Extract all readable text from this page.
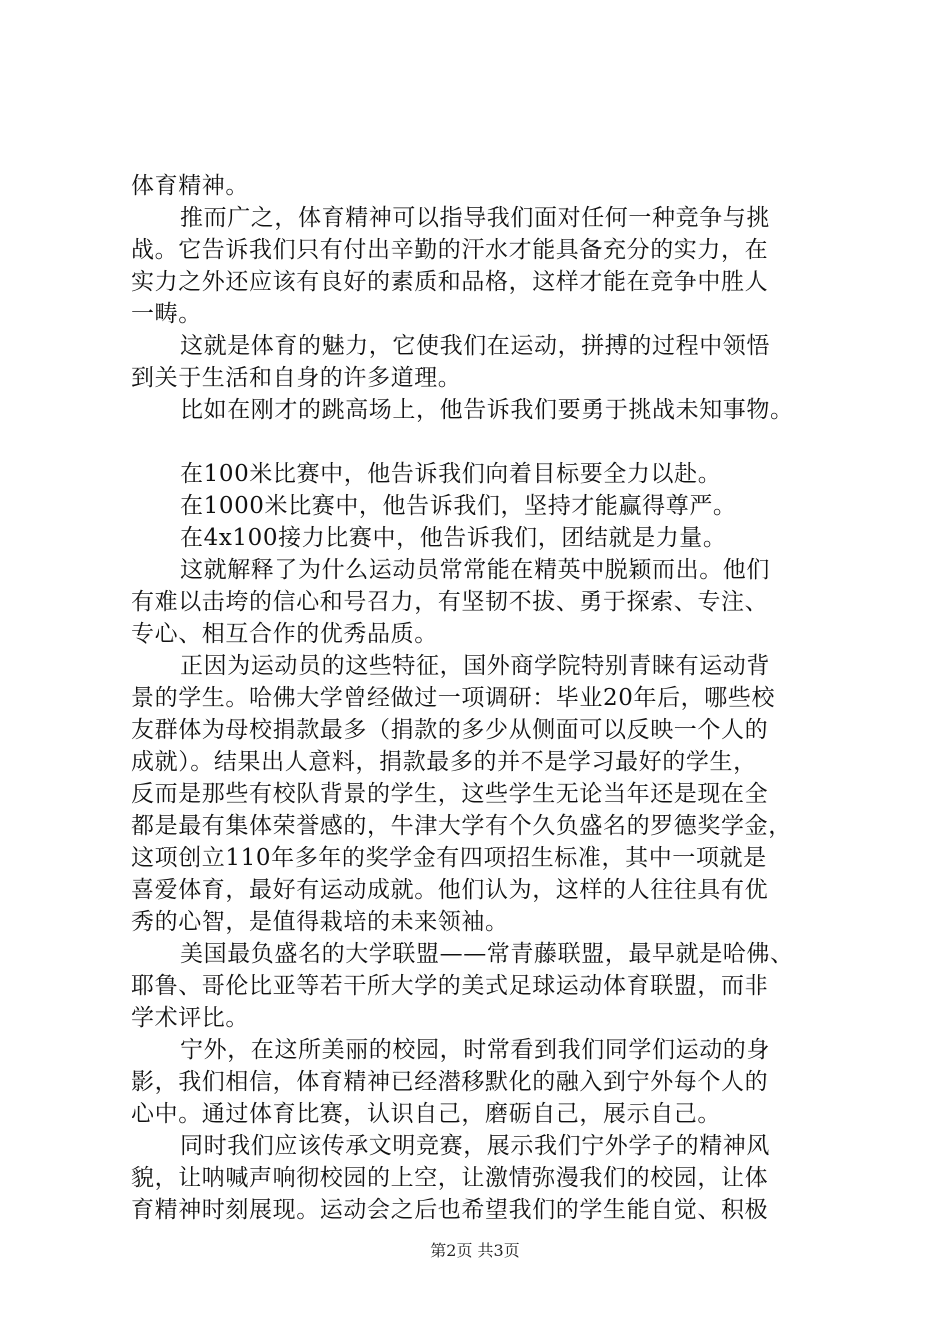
体育精神。
推而广之，体育精神可以指导我们面对任何一种竞争与挑
战。它告诉我们只有付出辛勤的汗水才能具备充分的实力，在
实力之外还应该有良好的素质和品格，这样才能在竞争中胜人
一畴。
这就是体育的魅力，它使我们在运动，拼搏的过程中领悟
到关于生活和自身的许多道理。
比如在刚才的跳高场上，他告诉我们要勇于挑战未知事物。
在100米比赛中，他告诉我们向着目标要全力以赴。
在1000米比赛中，他告诉我们，坚持才能赢得尊严。
在4x100接力比赛中，他告诉我们，团结就是力量。
这就解释了为什么运动员常常能在精英中脱颖而出。他们
有难以击垮的信心和号召力，有坚韧不拔、勇于探索、专注、
专心、相互合作的优秀品质。
正因为运动员的这些特征，国外商学院特别青睐有运动背
景的学生。哈佛大学曾经做过一项调研：毕业20年后，哪些校
友群体为母校捐款最多（捐款的多少从侧面可以反映一个人的
成就）。结果出人意料，捐款最多的并不是学习最好的学生，
反而是那些有校队背景的学生，这些学生无论当年还是现在全
都是最有集体荣誉感的，牛津大学有个久负盛名的罗德奖学金，
这项创立110年多年的奖学金有四项招生标准，其中一项就是
喜爱体育，最好有运动成就。他们认为，这样的人往往具有优
秀的心智，是值得栽培的未来领袖。
美国最负盛名的大学联盟——常青藤联盟，最早就是哈佛、
耶鲁、哥伦比亚等若干所大学的美式足球运动体育联盟，而非
学术评比。
宁外，在这所美丽的校园，时常看到我们同学们运动的身
影，我们相信，体育精神已经潜移默化的融入到宁外每个人的
心中。通过体育比赛，认识自己，磨砺自己，展示自己。
同时我们应该传承文明竞赛，展示我们宁外学子的精神风
貌，让呐喊声响彻校园的上空，让激情弥漫我们的校园，让体
育精神时刻展现。运动会之后也希望我们的学生能自觉、积极
第2页 共3页
